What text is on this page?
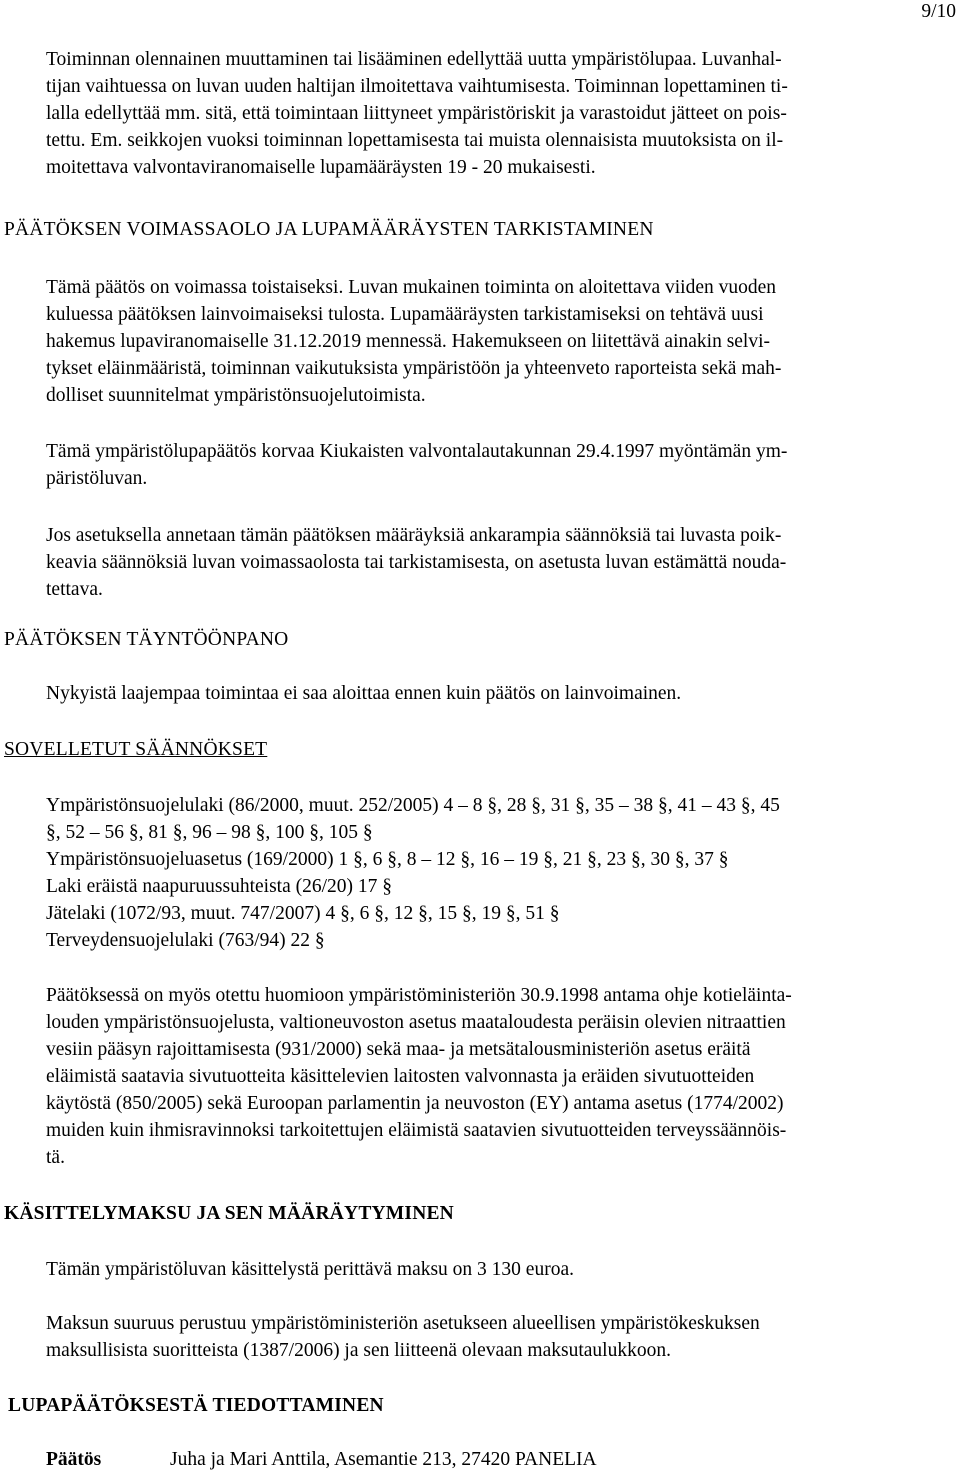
9/10
Toiminnan olennainen muuttaminen tai lisääminen edellyttää uutta ympäristölupaa. Luvanhal-
tijan vaihtuessa on luvan uuden haltijan ilmoitettava vaihtumisesta. Toiminnan lopettaminen ti-
lalla edellyttää mm. sitä, että toimintaan liittyneet ympäristöriskit ja varastoidut jätteet on pois-
tettu. Em. seikkojen vuoksi toiminnan lopettamisesta tai muista olennaisista muutoksista on il-
moitettava valvontaviranomaiselle lupamääräysten 19 - 20 mukaisesti.
PÄÄTÖKSEN VOIMASSAOLO JA LUPAMÄÄRÄYSTEN TARKISTAMINEN
Tämä päätös on voimassa toistaiseksi. Luvan mukainen toiminta on aloitettava viiden vuoden
kuluessa päätöksen lainvoimaiseksi tulosta. Lupamääräysten tarkistamiseksi on tehtävä uusi
hakemus lupaviranomaiselle 31.12.2019 mennessä. Hakemukseen on liitettävä ainakin selvi-
tykset eläinmääristä, toiminnan vaikutuksista ympäristöön ja yhteenveto raporteista sekä mah-
dolliset suunnitelmat ympäristönsuojelutoimista.
Tämä ympäristölupapäätös korvaa Kiukaisten valvontalautakunnan 29.4.1997 myöntämän ym-
päristöluvan.
Jos asetuksella annetaan tämän päätöksen määräyksiä ankarampia säännöksiä tai luvasta poik-
keavia säännöksiä luvan voimassaolosta tai tarkistamisesta, on asetusta luvan estämättä nouda-
tettava.
PÄÄTÖKSEN TÄYNTÖÖNPANO
Nykyistä laajempaa toimintaa ei saa aloittaa ennen kuin päätös on lainvoimainen.
SOVELLETUT SÄÄNNÖKSET
Ympäristönsuojelulaki (86/2000, muut. 252/2005) 4 – 8 §, 28 §, 31 §, 35 – 38 §, 41 – 43 §, 45
§, 52 – 56 §, 81 §, 96 – 98 §, 100 §, 105 §
Ympäristönsuojeluasetus (169/2000) 1 §, 6 §, 8 – 12 §, 16 – 19 §, 21 §, 23 §, 30 §, 37 §
Laki eräistä naapuruussuhteista (26/20) 17 §
Jätelaki (1072/93, muut. 747/2007) 4 §, 6 §, 12 §, 15 §, 19 §, 51 §
Terveydensuojelulaki (763/94) 22 §
Päätöksessä on myös otettu huomioon ympäristöministeriön 30.9.1998 antama ohje kotieläinta-
louden ympäristönsuojelusta, valtioneuvoston asetus maataloudesta peräisin olevien nitraattien
vesiin pääsyn rajoittamisesta (931/2000) sekä maa- ja metsätalousministeriön asetus eräitä
eläimistä saatavia sivutuotteita käsittelevien laitosten valvonnasta ja eräiden sivutuotteiden
käytöstä (850/2005) sekä Euroopan parlamentin ja neuvoston (EY) antama asetus (1774/2002)
muiden kuin ihmisravinnoksi tarkoitettujen eläimistä saatavien sivutuotteiden terveyssäännöis-
tä.
KÄSITTELYMAKSU JA SEN MÄÄRÄYTYMINEN
Tämän ympäristöluvan käsittelystä perittävä maksu on 3 130 euroa.
Maksun suuruus perustuu ympäristöministeriön asetukseen alueellisen ympäristökeskuksen
maksullisista suoritteista (1387/2006) ja sen liitteenä olevaan maksutaulukkoon.
LUPAPÄÄTÖKSESTÄ TIEDOTTAMINEN
Päätös	Juha ja Mari Anttila, Asemantie 213, 27420 PANELIA
